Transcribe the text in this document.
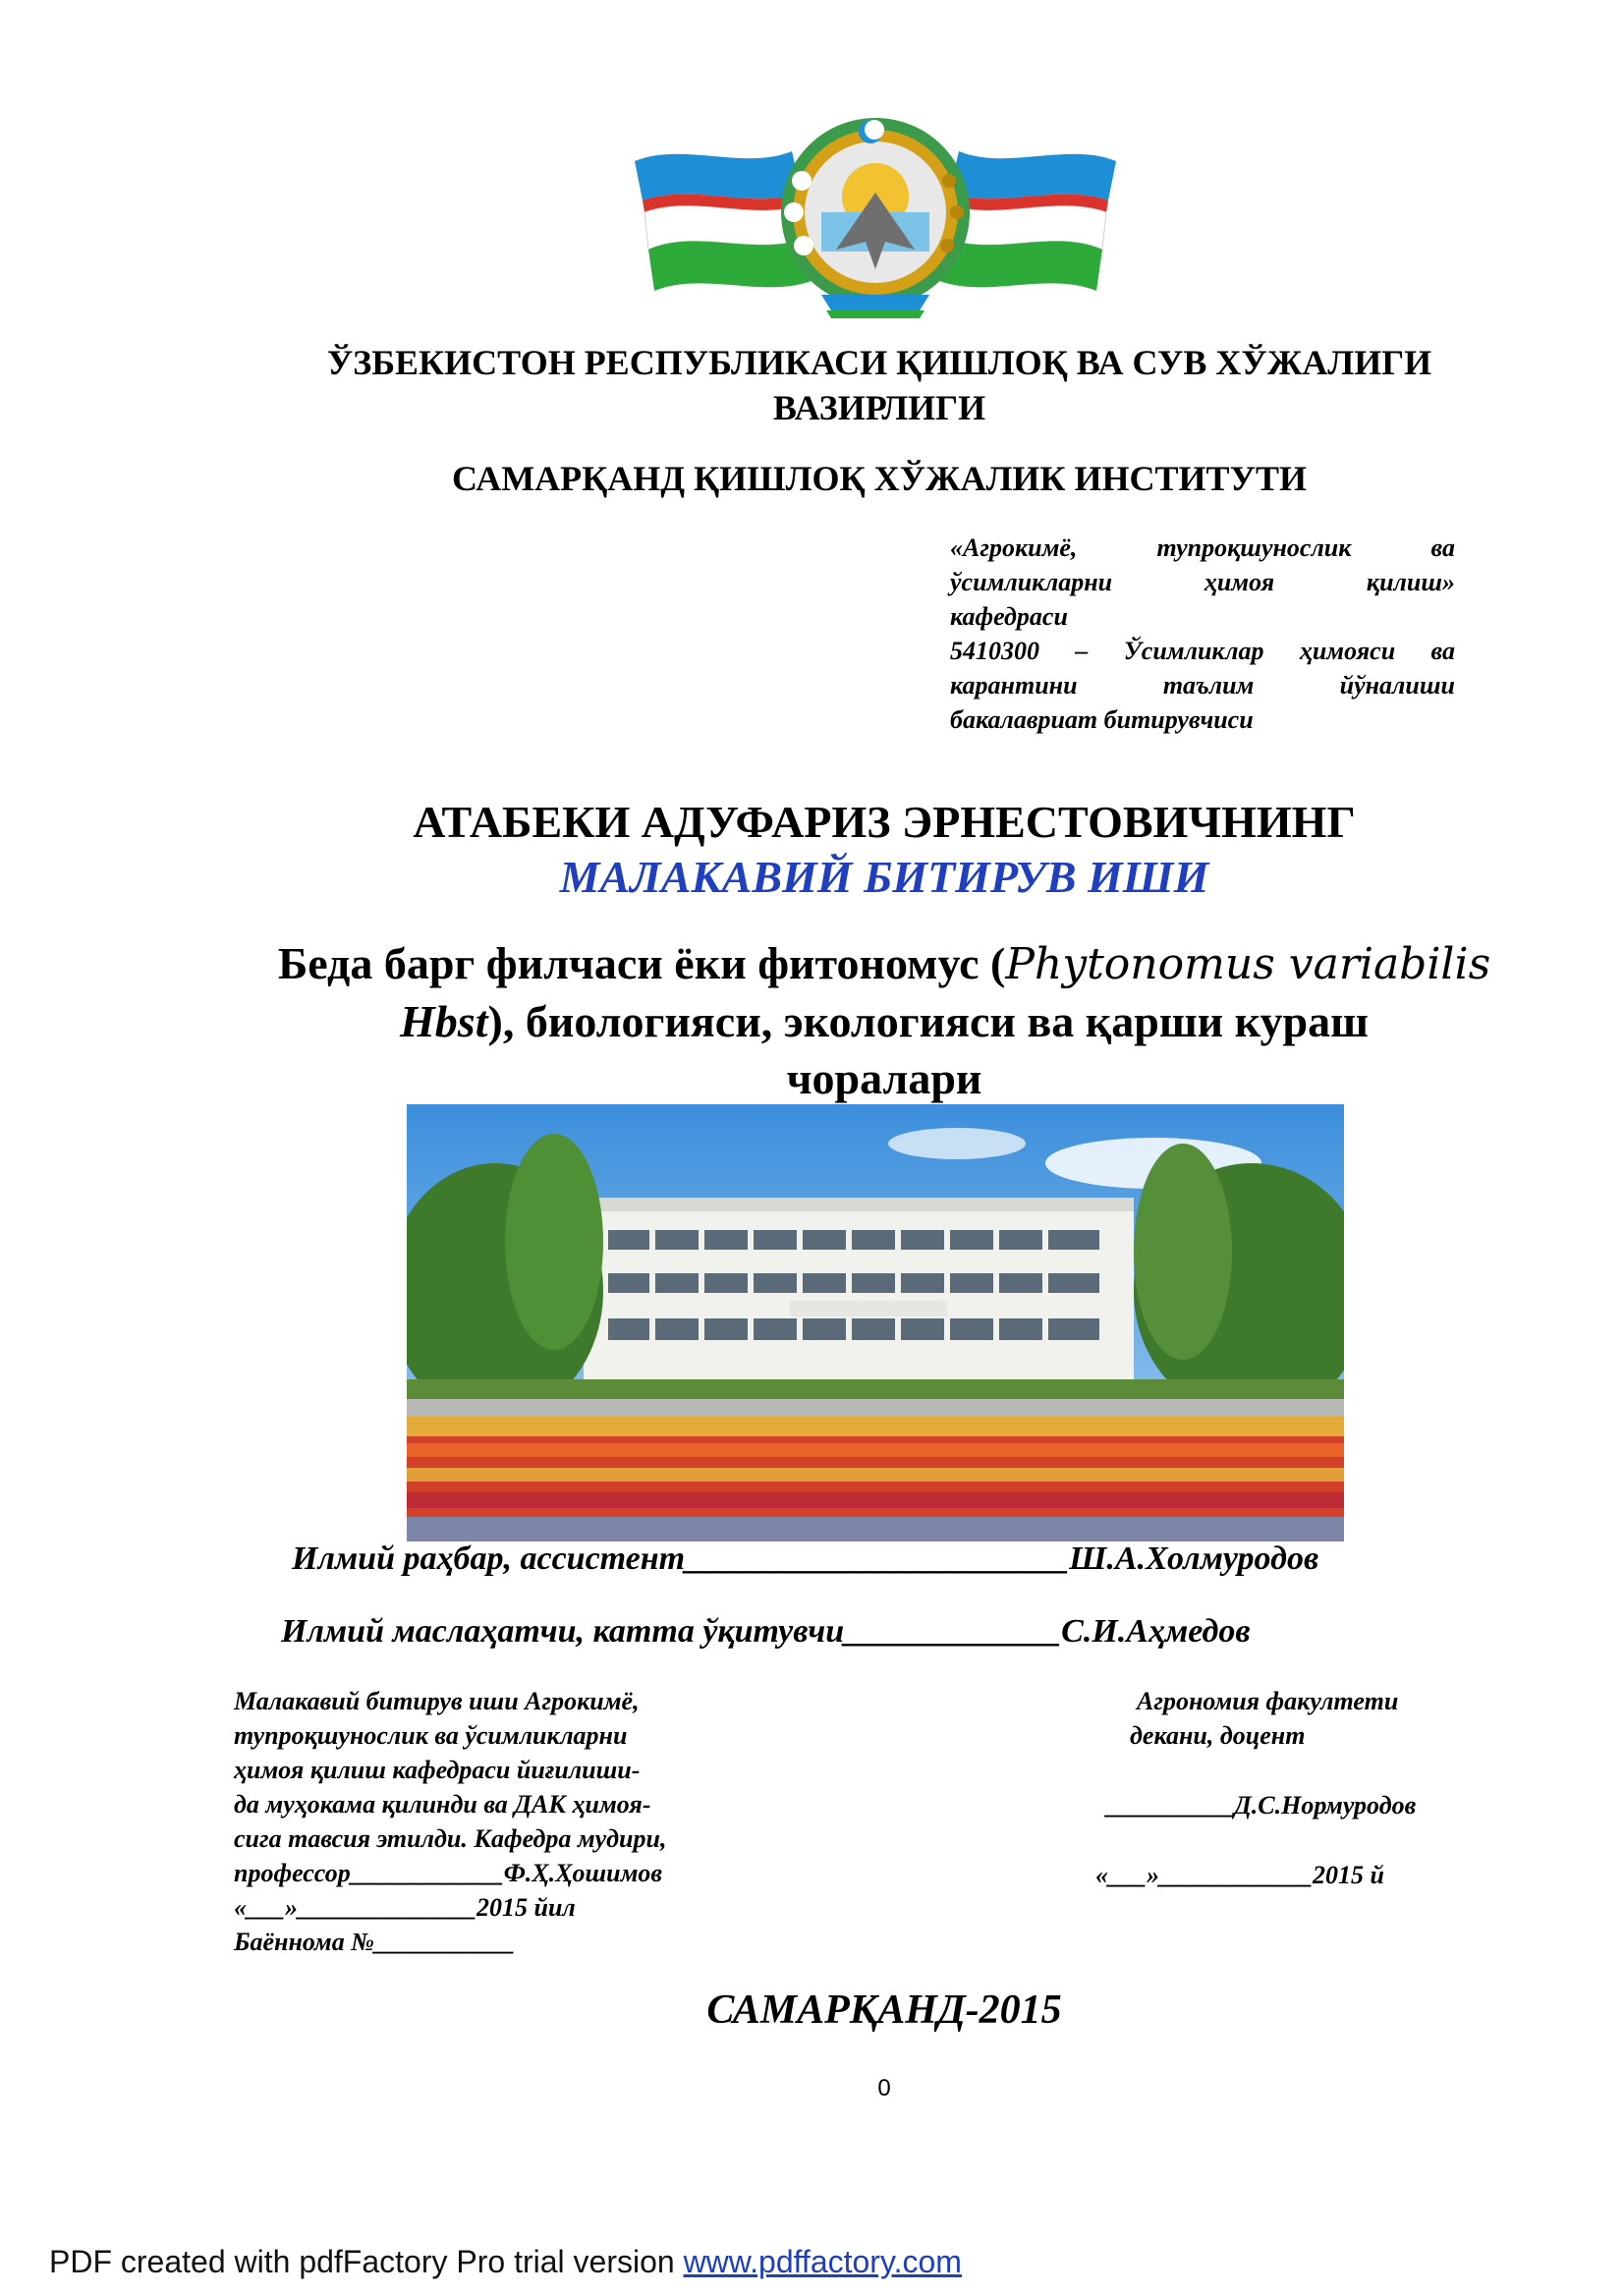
ЎЗБЕКИСТОН РЕСПУБЛИКАСИ ҚИШЛОҚ ВА СУВ ХЎЖАЛИГИ
ВАЗИРЛИГИ
САМАРҚАНД ҚИШЛОҚ ХЎЖАЛИК ИНСТИТУТИ
«Агрокимё,	тупроқшунослик	ва
ўсимликларни	ҳимоя	қилиш»
кафедраси
5410300 – Ўсимликлар ҳимояси ва
карантини	таълим	йўналиши
бакалавриат битирувчиси
АТАБЕКИ АДУФАРИЗ ЭРНЕСТОВИЧНИНГ
МАЛАКАВИЙ БИТИРУВ ИШИ
Беда барг филчаси ёки фитономус (Phytonomus variabilis
Hbst), биологияси, экологияси ва қарши кураш
чоралари
Илмий раҳбар, ассистент_______________________Ш.А.Холмуродов
Илмий маслаҳатчи, катта ўқитувчи_____________С.И.Аҳмедов
Малакавий битирув иши Агрокимё,
тупроқшунослик ва ўсимликларни
ҳимоя қилиш кафедраси йиғилиши-
да муҳокама қилинди ва ДАК ҳимоя-
сига тавсия этилди. Кафедра мудири,
профессор____________Ф.Ҳ.Ҳошимов
«___»______________2015 йил
Баённома №___________
Агрономия факултети
декани, доцент
__________Д.С.Нормуродов
«___»____________2015 й
САМАРҚАНД-2015
0
PDF created with pdfFactory Pro trial version www.pdffactory.com
